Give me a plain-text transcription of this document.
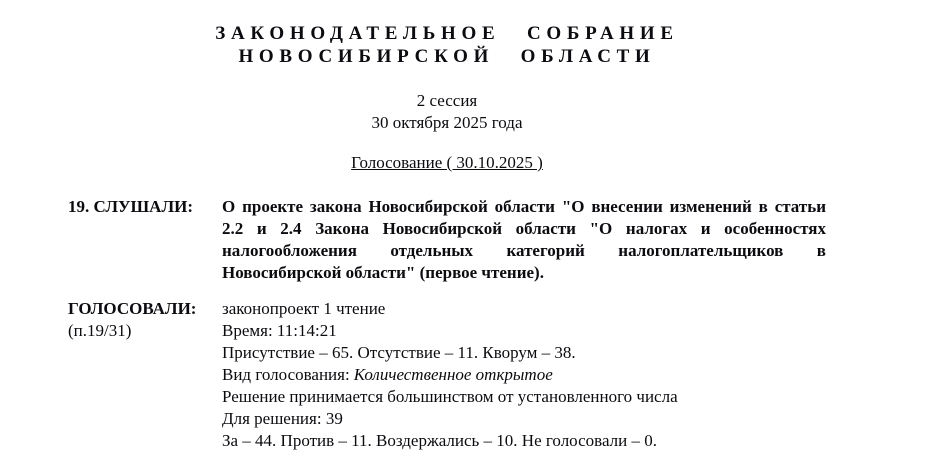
ЗАКОНОДАТЕЛЬНОЕ СОБРАНИЕ
НОВОСИБИРСКОЙ ОБЛАСТИ
2 сессия
30 октября 2025 года
Голосование ( 30.10.2025 )
19. СЛУШАЛИ:	О проекте закона Новосибирской области "О внесении изменений в статьи 2.2 и 2.4 Закона Новосибирской области "О налогах и особенностях налогообложения отдельных категорий налогоплательщиков в Новосибирской области" (первое чтение).
ГОЛОСОВАЛИ:
(п.19/31)
законопроект 1 чтение
Время: 11:14:21
Присутствие – 65. Отсутствие – 11. Кворум – 38.
Вид голосования: Количественное открытое
Решение принимается большинством от установленного числа
Для решения: 39
За – 44. Против – 11. Воздержались – 10. Не голосовали – 0.
